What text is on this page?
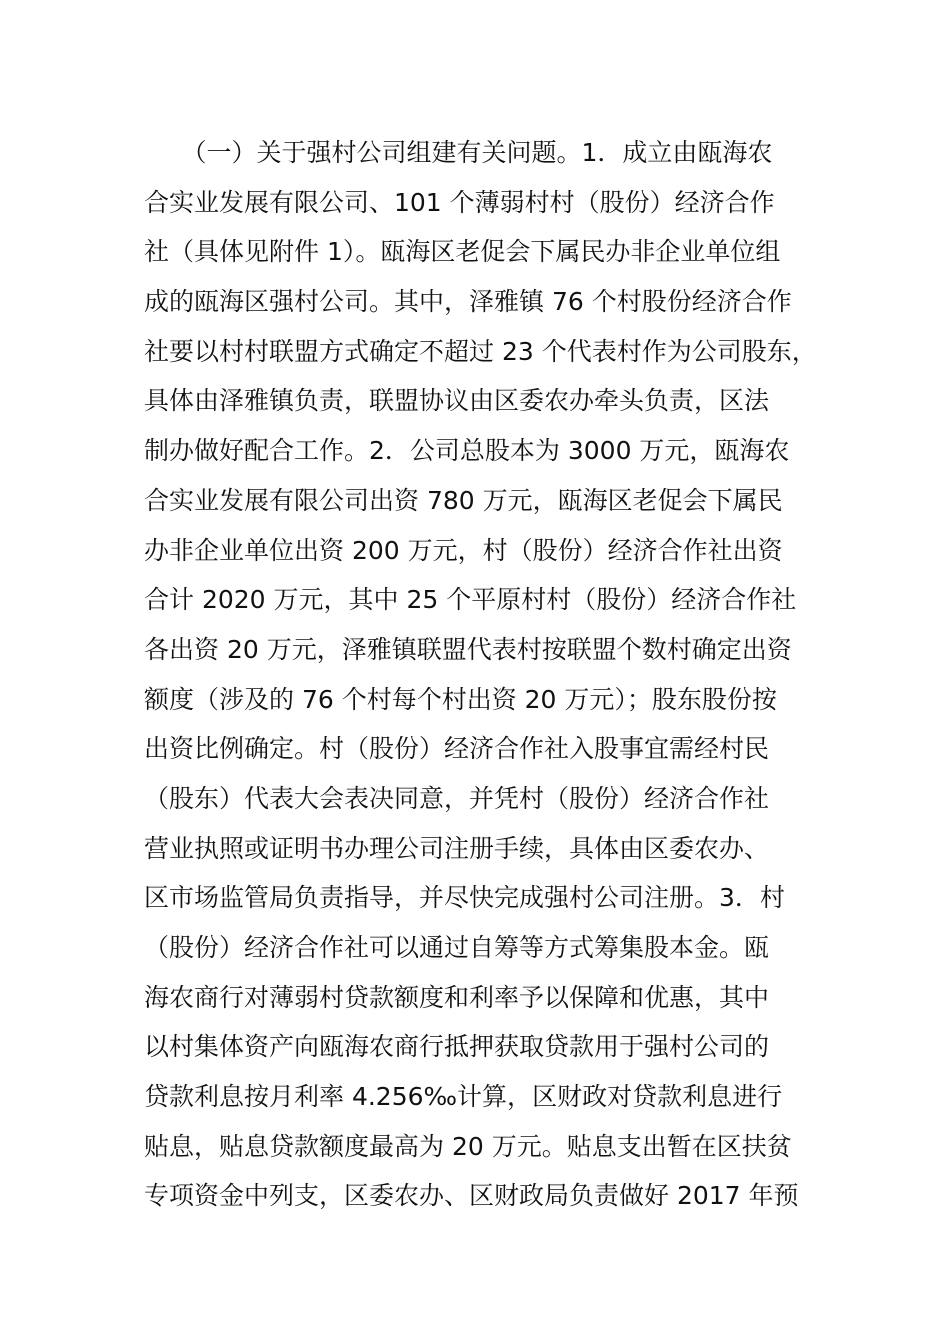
　　（一）关于强村公司组建有关问题。1．成立由瓯海农
合实业发展有限公司、101 个薄弱村村（股份）经济合作
社（具体见附件 1）。瓯海区老促会下属民办非企业单位组
成的瓯海区强村公司。其中，泽雅镇 76 个村股份经济合作
社要以村村联盟方式确定不超过 23 个代表村作为公司股东，
具体由泽雅镇负责，联盟协议由区委农办牵头负责，区法
制办做好配合工作。2．公司总股本为 3000 万元，瓯海农
合实业发展有限公司出资 780 万元，瓯海区老促会下属民
办非企业单位出资 200 万元，村（股份）经济合作社出资
合计 2020 万元，其中 25 个平原村村（股份）经济合作社
各出资 20 万元，泽雅镇联盟代表村按联盟个数村确定出资
额度（涉及的 76 个村每个村出资 20 万元）；股东股份按
出资比例确定。村（股份）经济合作社入股事宜需经村民
（股东）代表大会表决同意，并凭村（股份）经济合作社
营业执照或证明书办理公司注册手续，具体由区委农办、
区市场监管局负责指导，并尽快完成强村公司注册。3．村
（股份）经济合作社可以通过自筹等方式筹集股本金。瓯
海农商行对薄弱村贷款额度和利率予以保障和优惠，其中
以村集体资产向瓯海农商行抵押获取贷款用于强村公司的
贷款利息按月利率 4.256‰计算，区财政对贷款利息进行
贴息，贴息贷款额度最高为 20 万元。贴息支出暂在区扶贫
专项资金中列支，区委农办、区财政局负责做好 2017 年预
